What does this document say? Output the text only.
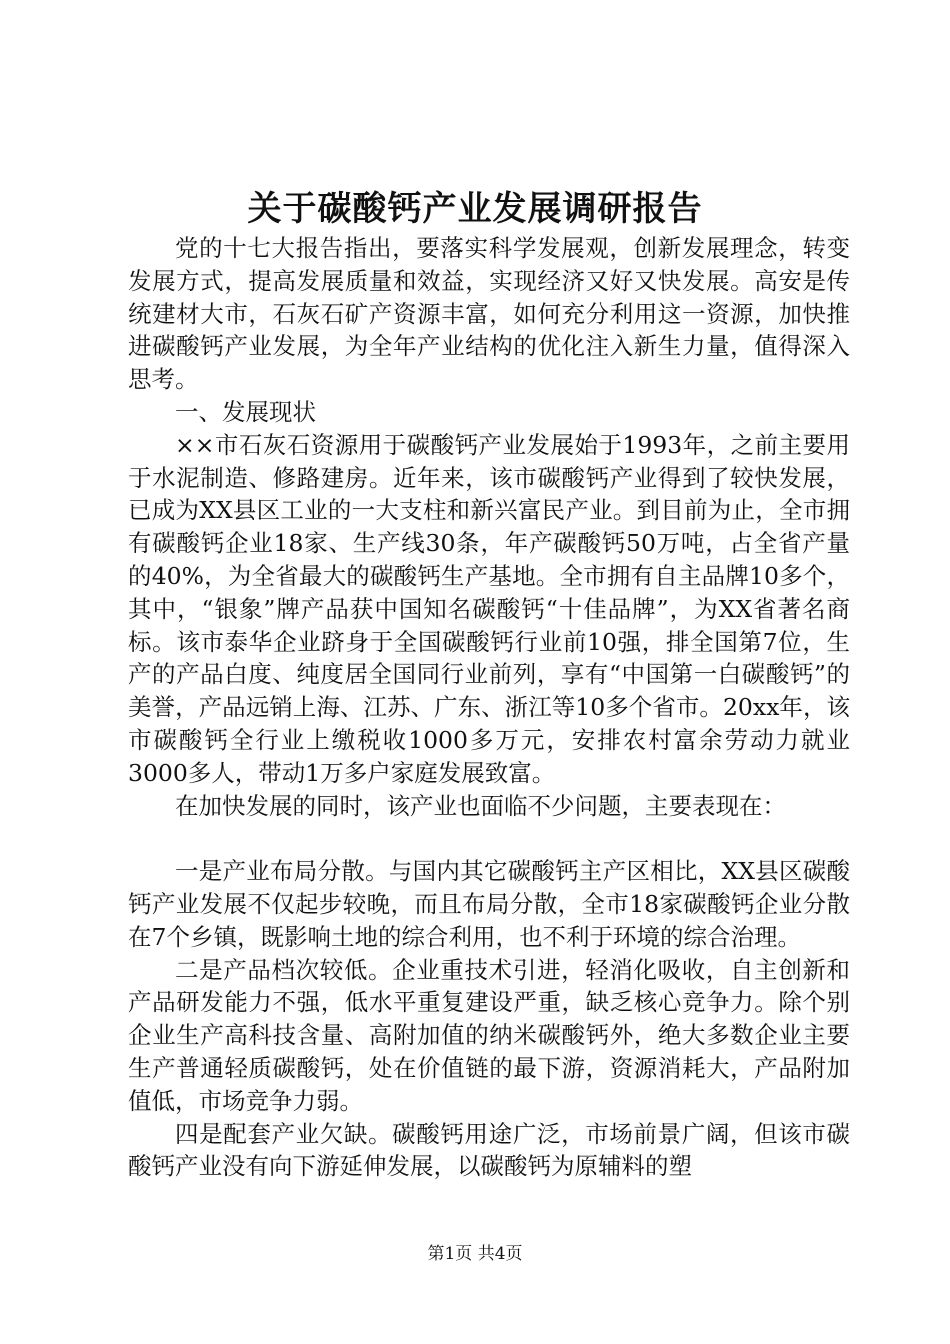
关于碳酸钙产业发展调研报告

党的十七大报告指出，要落实科学发展观，创新发展理念，转变发展方式，提高发展质量和效益，实现经济又好又快发展。高安是传统建材大市，石灰石矿产资源丰富，如何充分利用这一资源，加快推进碳酸钙产业发展，为全年产业结构的优化注入新生力量，值得深入思考。

一、发展现状

××市石灰石资源用于碳酸钙产业发展始于1993年，之前主要用于水泥制造、修路建房。近年来，该市碳酸钙产业得到了较快发展，已成为XX县区工业的一大支柱和新兴富民产业。到目前为止，全市拥有碳酸钙企业18家、生产线30条，年产碳酸钙50万吨，占全省产量的40%，为全省最大的碳酸钙生产基地。全市拥有自主品牌10多个，其中，“银象”牌产品获中国知名碳酸钙“十佳品牌”，为XX省著名商标。该市泰华企业跻身于全国碳酸钙行业前10强，排全国第7位，生产的产品白度、纯度居全国同行业前列，享有“中国第一白碳酸钙”的美誉，产品远销上海、江苏、广东、浙江等10多个省市。20xx年，该市碳酸钙全行业上缴税收1000多万元，安排农村富余劳动力就业3000多人，带动1万多户家庭发展致富。

在加快发展的同时，该产业也面临不少问题，主要表现在：

一是产业布局分散。与国内其它碳酸钙主产区相比，XX县区碳酸钙产业发展不仅起步较晚，而且布局分散，全市18家碳酸钙企业分散在7个乡镇，既影响土地的综合利用，也不利于环境的综合治理。

二是产品档次较低。企业重技术引进，轻消化吸收，自主创新和产品研发能力不强，低水平重复建设严重，缺乏核心竞争力。除个别企业生产高科技含量、高附加值的纳米碳酸钙外，绝大多数企业主要生产普通轻质碳酸钙，处在价值链的最下游，资源消耗大，产品附加值低，市场竞争力弱。

四是配套产业欠缺。碳酸钙用途广泛，市场前景广阔，但该市碳酸钙产业没有向下游延伸发展，以碳酸钙为原辅料的塑

第1页 共4页
